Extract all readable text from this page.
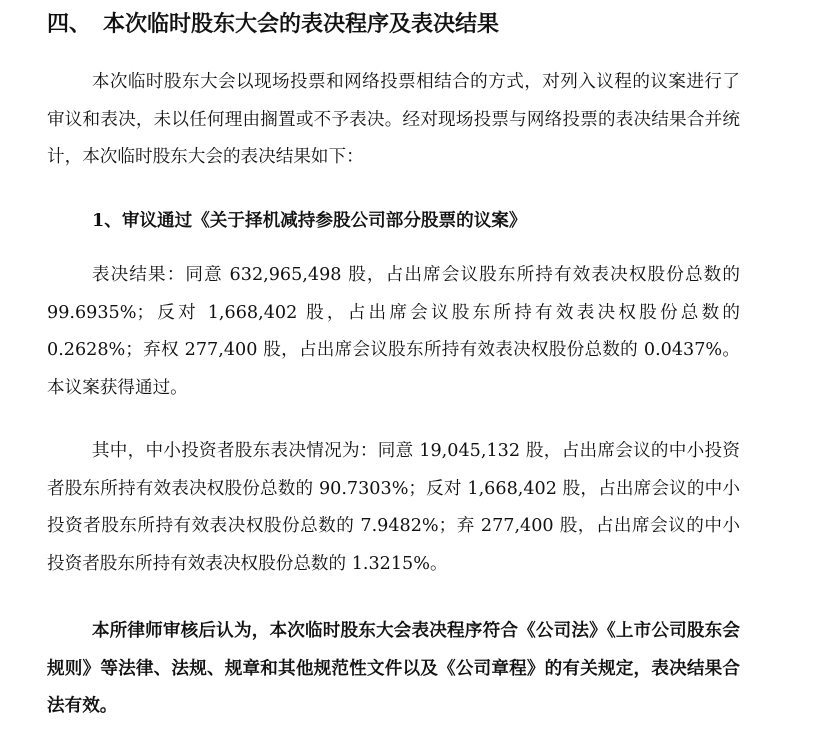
四、 本次临时股东大会的表决程序及表决结果

本次临时股东大会以现场投票和网络投票相结合的方式，对列入议程的议案进行了审议和表决，未以任何理由搁置或不予表决。经对现场投票与网络投票的表决结果合并统计，本次临时股东大会的表决结果如下：

1、审议通过《关于择机减持参股公司部分股票的议案》

表决结果：同意 632,965,498 股，占出席会议股东所持有效表决权股份总数的 99.6935%；反对 1,668,402 股，占出席会议股东所持有效表决权股份总数的 0.2628%；弃权 277,400 股，占出席会议股东所持有效表决权股份总数的 0.0437%。本议案获得通过。

其中，中小投资者股东表决情况为：同意 19,045,132 股，占出席会议的中小投资者股东所持有效表决权股份总数的 90.7303%；反对 1,668,402 股，占出席会议的中小投资者股东所持有效表决权股份总数的 7.9482%；弃 277,400 股，占出席会议的中小投资者股东所持有效表决权股份总数的 1.3215%。

本所律师审核后认为，本次临时股东大会表决程序符合《公司法》《上市公司股东会规则》等法律、法规、规章和其他规范性文件以及《公司章程》的有关规定，表决结果合法有效。
